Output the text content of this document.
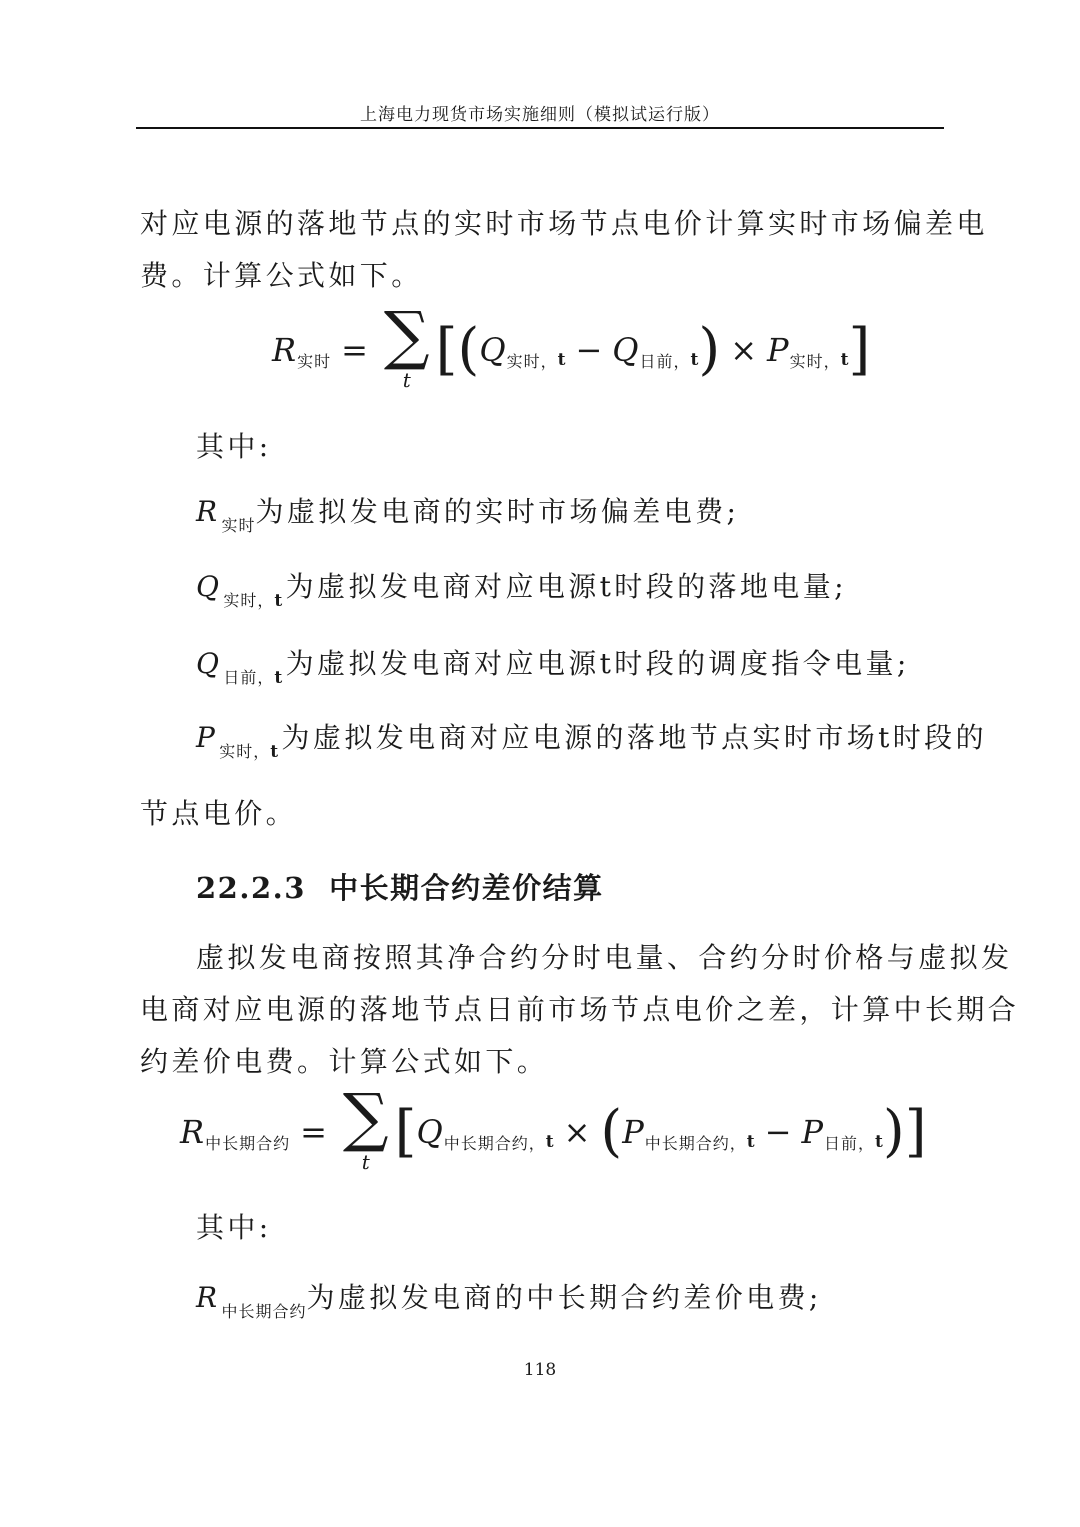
上海电力现货市场实施细则（模拟试运行版）
对应电源的落地节点的实时市场节点电价计算实时市场偏差电
费。计算公式如下。
R 实时 = ∑
t [ ( Q 实时， t − Q 日前， t ) × P 实时， t ]
其中:
$R_{实时}$为虚拟发电商的实时市场偏差电费;
$Q_{实时,t}$为虚拟发电商对应电源t时段的落地电量;
$Q_{日前,t}$为虚拟发电商对应电源t时段的调度指令电量;
$P_{实时,t}$为虚拟发电商对应电源的落地节点实时市场t时段的
节点电价。
22.2.3 中长期合约差价结算
虚拟发电商按照其净合约分时电量、合约分时价格与虚拟发
电商对应电源的落地节点日前市场节点电价之差，计算中长期合
约差价电费。计算公式如下。
R 中长期合约 = ∑
t [ Q 中长期合约， t × ( P 中长期合约， t − P 日前， t ) ]
其中:
$R_{中长期合约}$为虚拟发电商的中长期合约差价电费;
118
